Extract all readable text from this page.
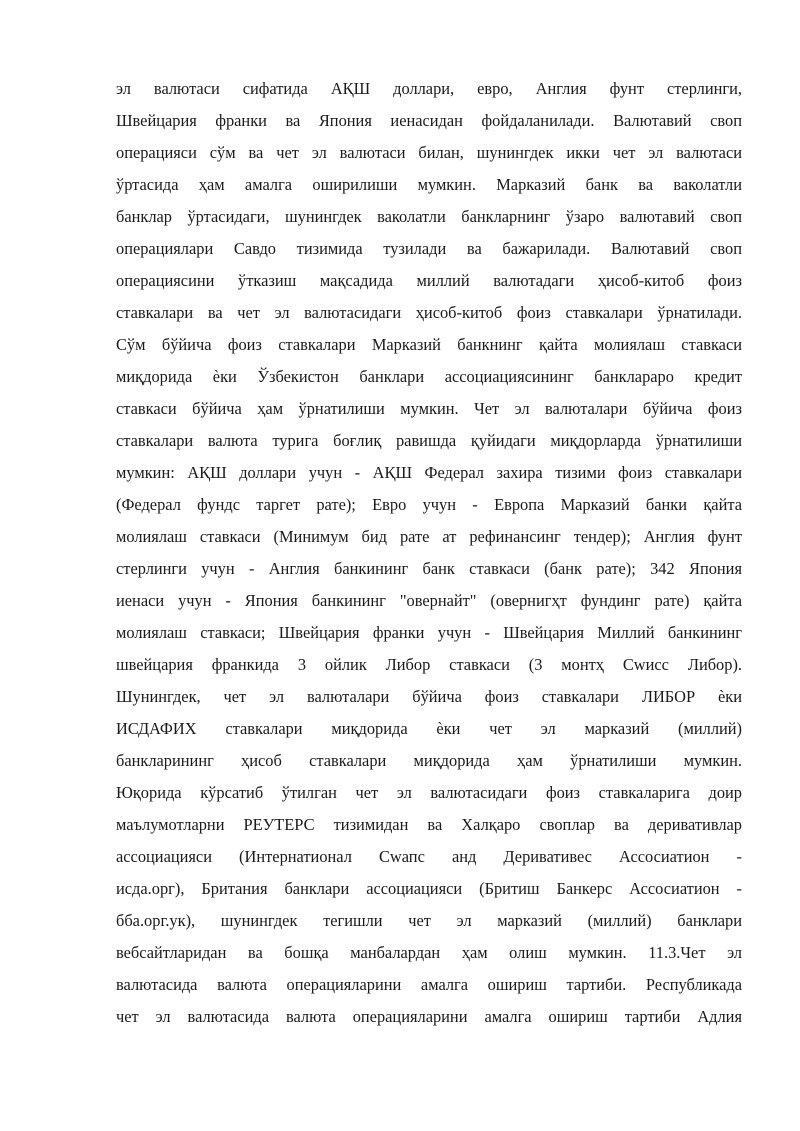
эл валютаси сифатида АҚШ доллари, евро, Англия фунт стерлинги,
Швейцария франки ва Япония иенасидан фойдаланилади. Валютавий своп
операцияси сўм ва чет эл валютаси билан, шунингдек икки чет эл валютаси
ўртасида ҳам амалга оширилиши мумкин. Марказий банк ва ваколатли
банклар ўртасидаги, шунингдек ваколатли банкларнинг ўзаро валютавий своп
операциялари Савдо тизимида тузилади ва бажарилади. Валютавий своп
операциясини ўтказиш мақсадида миллий валютадаги ҳисоб-китоб фоиз
ставкалари ва чет эл валютасидаги ҳисоб-китоб фоиз ставкалари ўрнатилади.
Сўм бўйича фоиз ставкалари Марказий банкнинг қайта молиялаш ставкаси
миқдорида ѐки Ўзбекистон банклари ассоциациясининг банклараро кредит
ставкаси бўйича ҳам ўрнатилиши мумкин. Чет эл валюталари бўйича фоиз
ставкалари валюта турига боғлиқ равишда қуйидаги миқдорларда ўрнатилиши
мумкин: АҚШ доллари учун - АҚШ Федерал захира тизими фоиз ставкалари
(Федерал фундс таргет рате); Евро учун - Европа Марказий банки қайта
молиялаш ставкаси (Минимум бид рате ат рефинансинг тендер); Англия фунт
стерлинги учун - Англия банкининг банк ставкаси (банк рате); 342 Япония
иенаси учун - Япония банкининг "овернайт" (овернигҳт фундинг рате) қайта
молиялаш ставкаси; Швейцария франки учун - Швейцария Миллий банкининг
швейцария франкида 3 ойлик Либор ставкаси (3 монтҳ Сwисс Либор).
Шунингдек, чет эл валюталари бўйича фоиз ставкалари ЛИБОР ѐки
ИСДАФИХ ставкалари миқдорида ѐки чет эл марказий (миллий)
банкларининг ҳисоб ставкалари миқдорида ҳам ўрнатилиши мумкин.
Юқорида кўрсатиб ўтилган чет эл валютасидаги фоиз ставкаларига доир
маълумотларни РЕУТЕРС тизимидан ва Халқаро своплар ва деривативлар
ассоциацияси (Интернатионал Сwапс анд Деривативес Ассосиатион -
исда.орг), Британия банклари ассоциацияси (Бритиш Банкерс Ассосиатион -
бба.орг.ук), шунингдек тегишли чет эл марказий (миллий) банклари
вебсайтларидан ва бошқа манбалардан ҳам олиш мумкин. 11.3.Чет эл
валютасида валюта операцияларини амалга ошириш тартиби. Республикада
чет эл валютасида валюта операцияларини амалга ошириш тартиби Адлия
